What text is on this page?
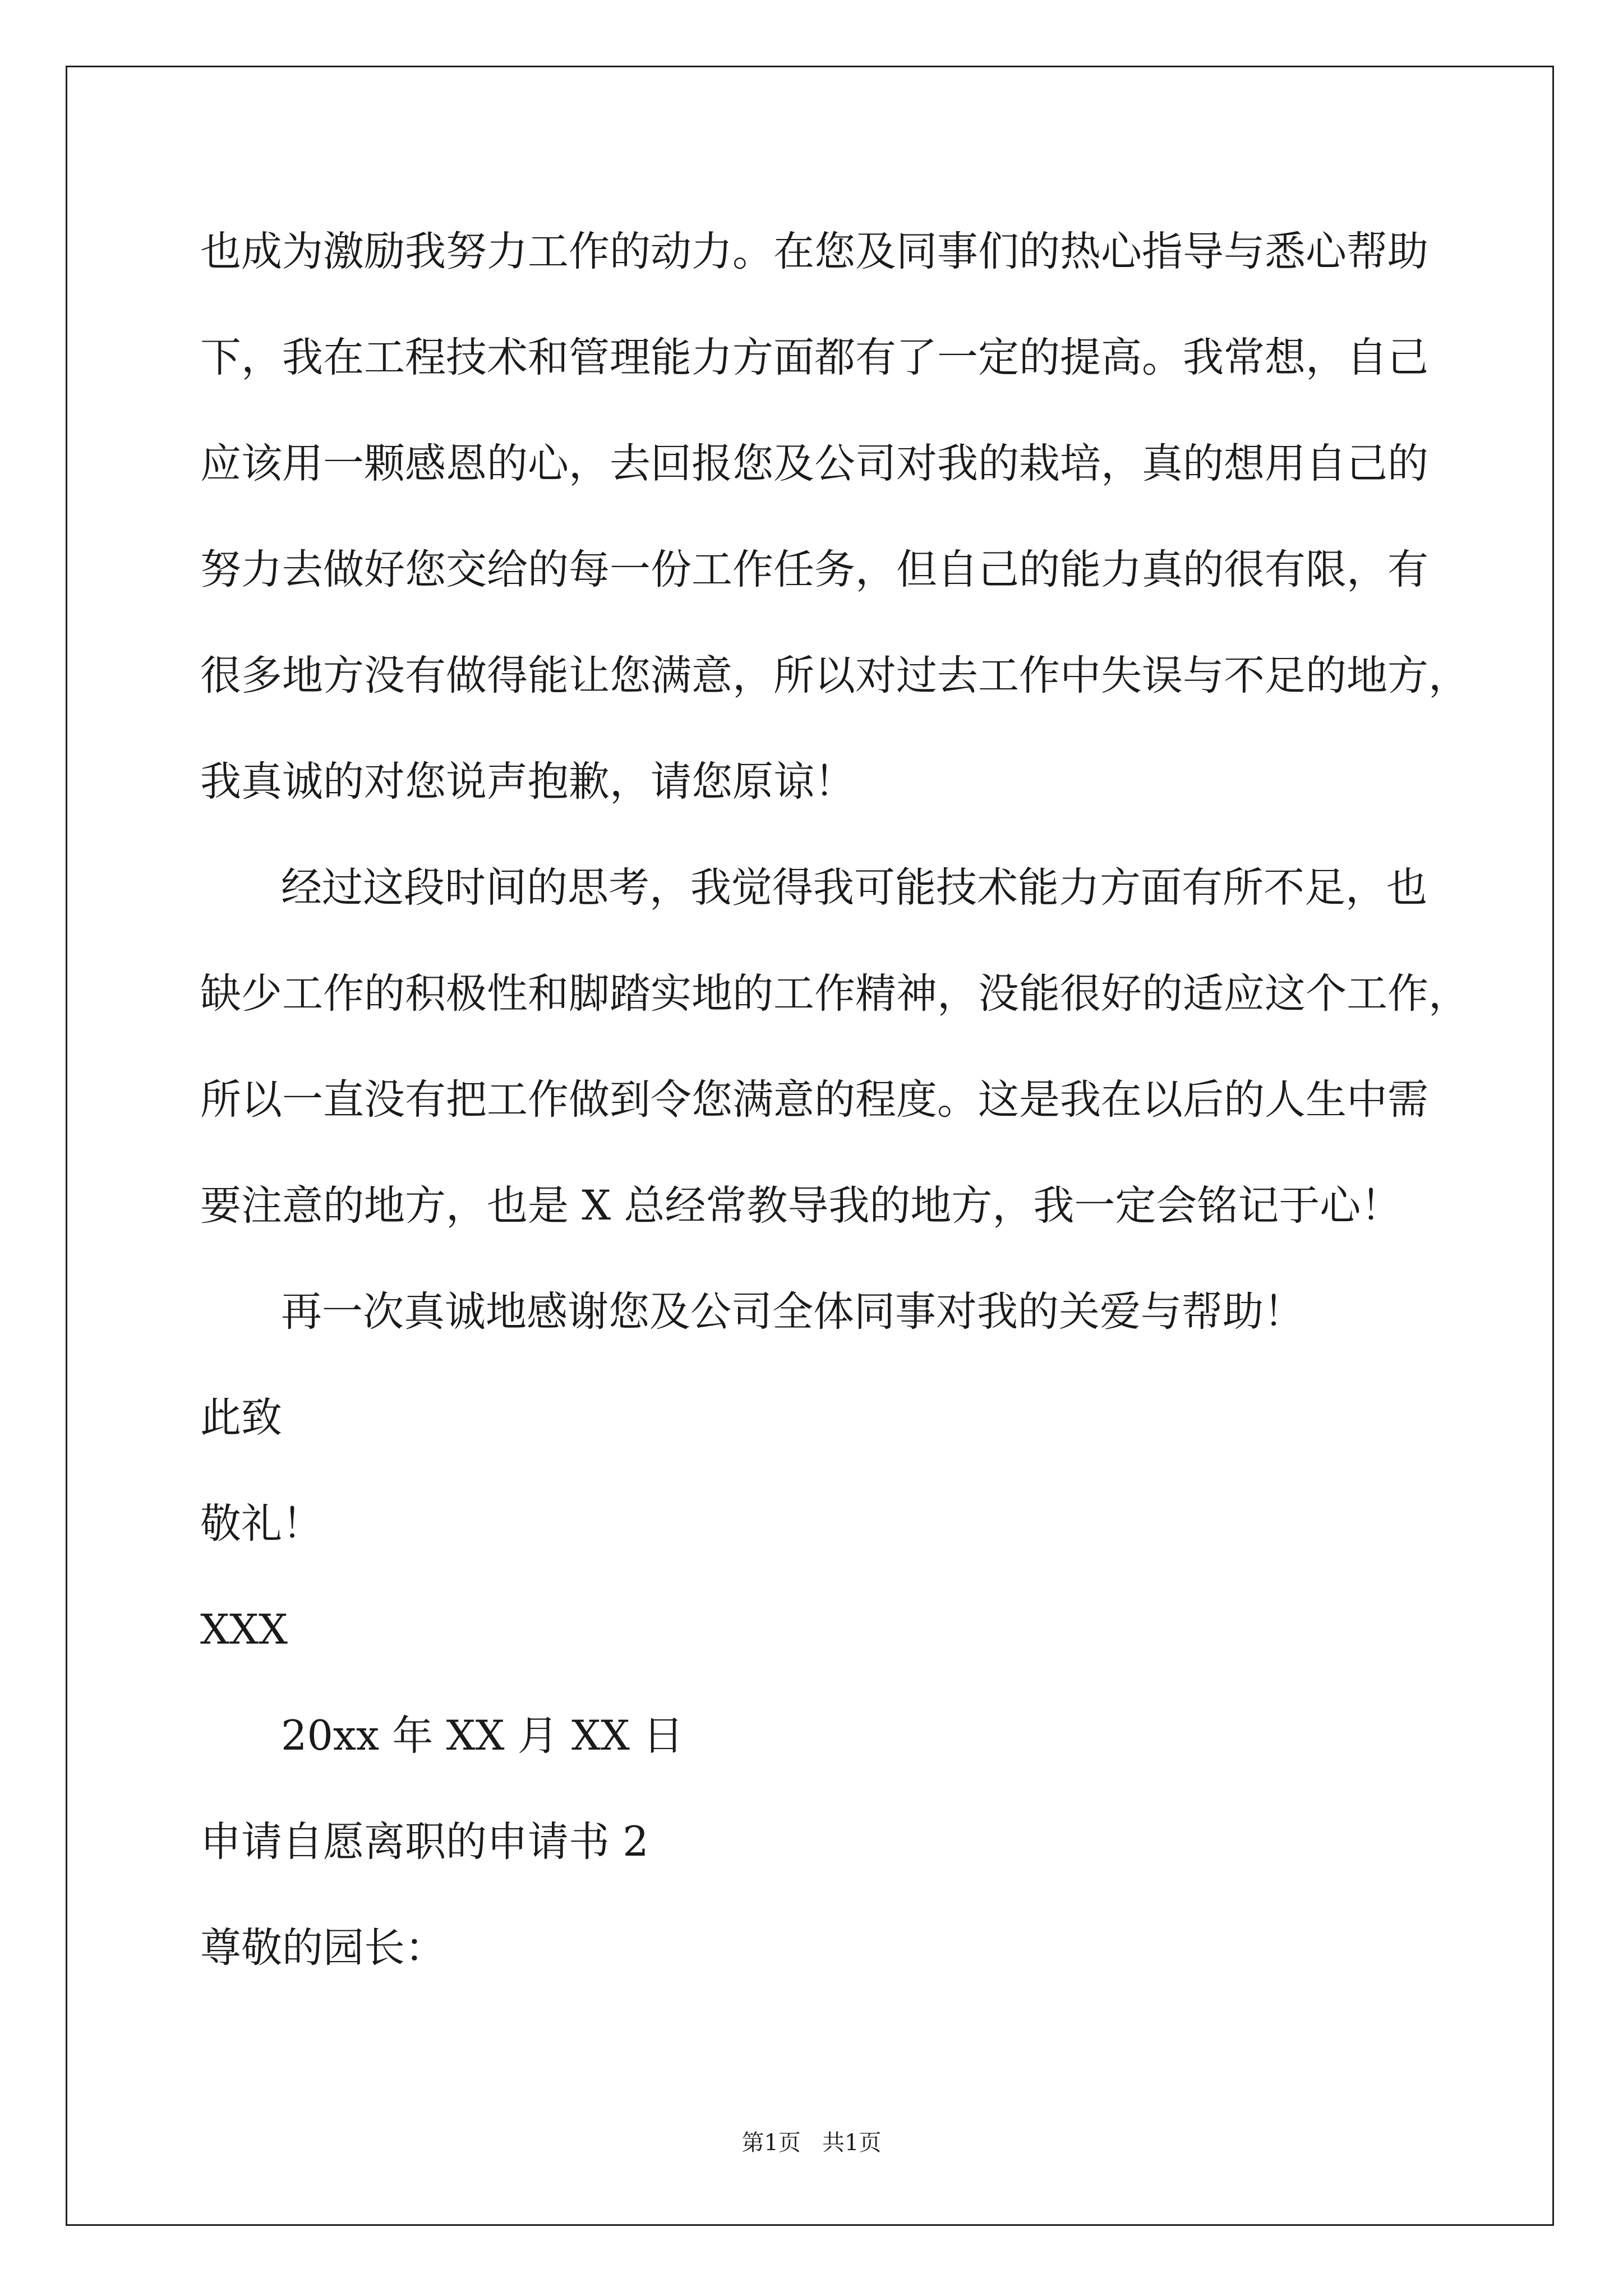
也成为激励我努力工作的动力。在您及同事们的热心指导与悉心帮助
下，我在工程技术和管理能力方面都有了一定的提高。我常想，自己
应该用一颗感恩的心，去回报您及公司对我的栽培，真的想用自己的
努力去做好您交给的每一份工作任务，但自己的能力真的很有限，有
很多地方没有做得能让您满意，所以对过去工作中失误与不足的地方，
我真诚的对您说声抱歉，请您原谅！
经过这段时间的思考，我觉得我可能技术能力方面有所不足，也
缺少工作的积极性和脚踏实地的工作精神，没能很好的适应这个工作，
所以一直没有把工作做到令您满意的程度。这是我在以后的人生中需
要注意的地方，也是 X 总经常教导我的地方，我一定会铭记于心！
再一次真诚地感谢您及公司全体同事对我的关爱与帮助！
此致
敬礼！
XXX
20xx 年 XX 月 XX 日
申请自愿离职的申请书 2
尊敬的园长：
第1页   共1页
